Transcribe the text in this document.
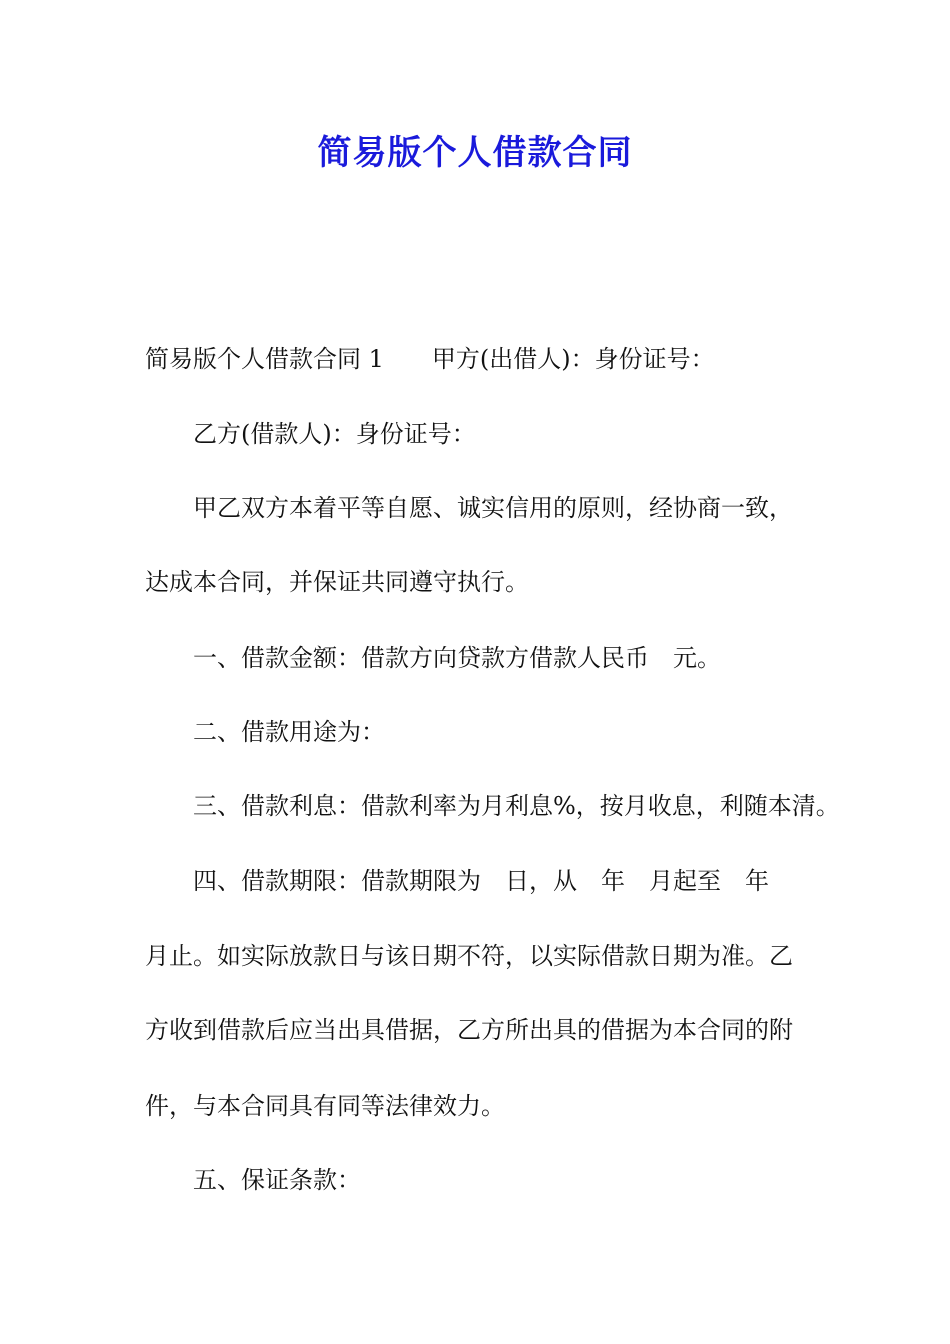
简易版个人借款合同
简易版个人借款合同 1　　甲方(出借人)：身份证号：
乙方(借款人)：身份证号：
甲乙双方本着平等自愿、诚实信用的原则，经协商一致，
达成本合同，并保证共同遵守执行。
一、借款金额：借款方向贷款方借款人民币　元。
二、借款用途为：
三、借款利息：借款利率为月利息%，按月收息，利随本清。
四、借款期限：借款期限为　日，从　年　月起至　年
月止。如实际放款日与该日期不符，以实际借款日期为准。乙
方收到借款后应当出具借据，乙方所出具的借据为本合同的附
件，与本合同具有同等法律效力。
五、保证条款：
